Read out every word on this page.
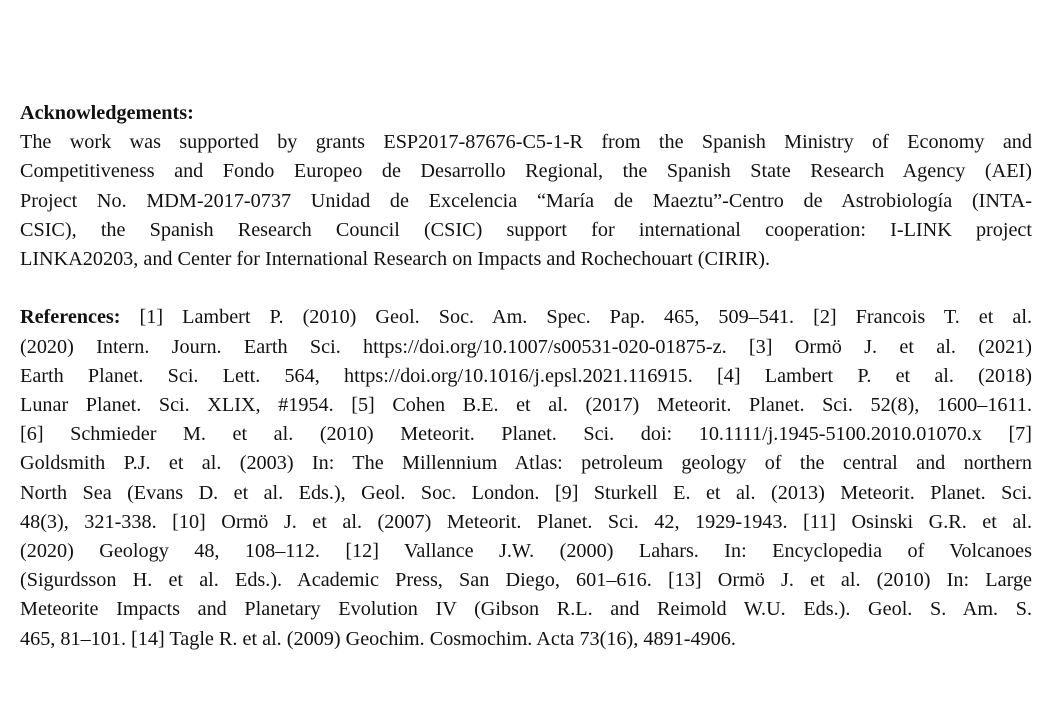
Acknowledgements:
The work was supported by grants ESP2017-87676-C5-1-R from the Spanish Ministry of Economy and
Competitiveness and Fondo Europeo de Desarrollo Regional, the Spanish State Research Agency (AEI)
Project No. MDM-2017-0737 Unidad de Excelencia “María de Maeztu”-Centro de Astrobiología (INTA-
CSIC), the Spanish Research Council (CSIC) support for international cooperation: I-LINK project
LINKA20203, and Center for International Research on Impacts and Rochechouart (CIRIR).
References: [1] Lambert P. (2010) Geol. Soc. Am. Spec. Pap. 465, 509–541. [2] Francois T. et al.
(2020) Intern. Journ. Earth Sci. https://doi.org/10.1007/s00531-020-01875-z. [3] Ormö J. et al. (2021)
Earth Planet. Sci. Lett. 564, https://doi.org/10.1016/j.epsl.2021.116915. [4] Lambert P. et al. (2018)
Lunar Planet. Sci. XLIX, #1954. [5] Cohen B.E. et al. (2017) Meteorit. Planet. Sci. 52(8), 1600–1611.
[6] Schmieder M. et al. (2010) Meteorit. Planet. Sci. doi: 10.1111/j.1945-5100.2010.01070.x [7]
Goldsmith P.J. et al. (2003) In: The Millennium Atlas: petroleum geology of the central and northern
North Sea (Evans D. et al. Eds.), Geol. Soc. London. [9] Sturkell E. et al. (2013) Meteorit. Planet. Sci.
48(3), 321-338. [10] Ormö J. et al. (2007) Meteorit. Planet. Sci. 42, 1929-1943. [11] Osinski G.R. et al.
(2020) Geology 48, 108–112. [12] Vallance J.W. (2000) Lahars. In: Encyclopedia of Volcanoes
(Sigurdsson H. et al. Eds.). Academic Press, San Diego, 601–616. [13] Ormö J. et al. (2010) In: Large
Meteorite Impacts and Planetary Evolution IV (Gibson R.L. and Reimold W.U. Eds.). Geol. S. Am. S.
465, 81–101. [14] Tagle R. et al. (2009) Geochim. Cosmochim. Acta 73(16), 4891-4906.
